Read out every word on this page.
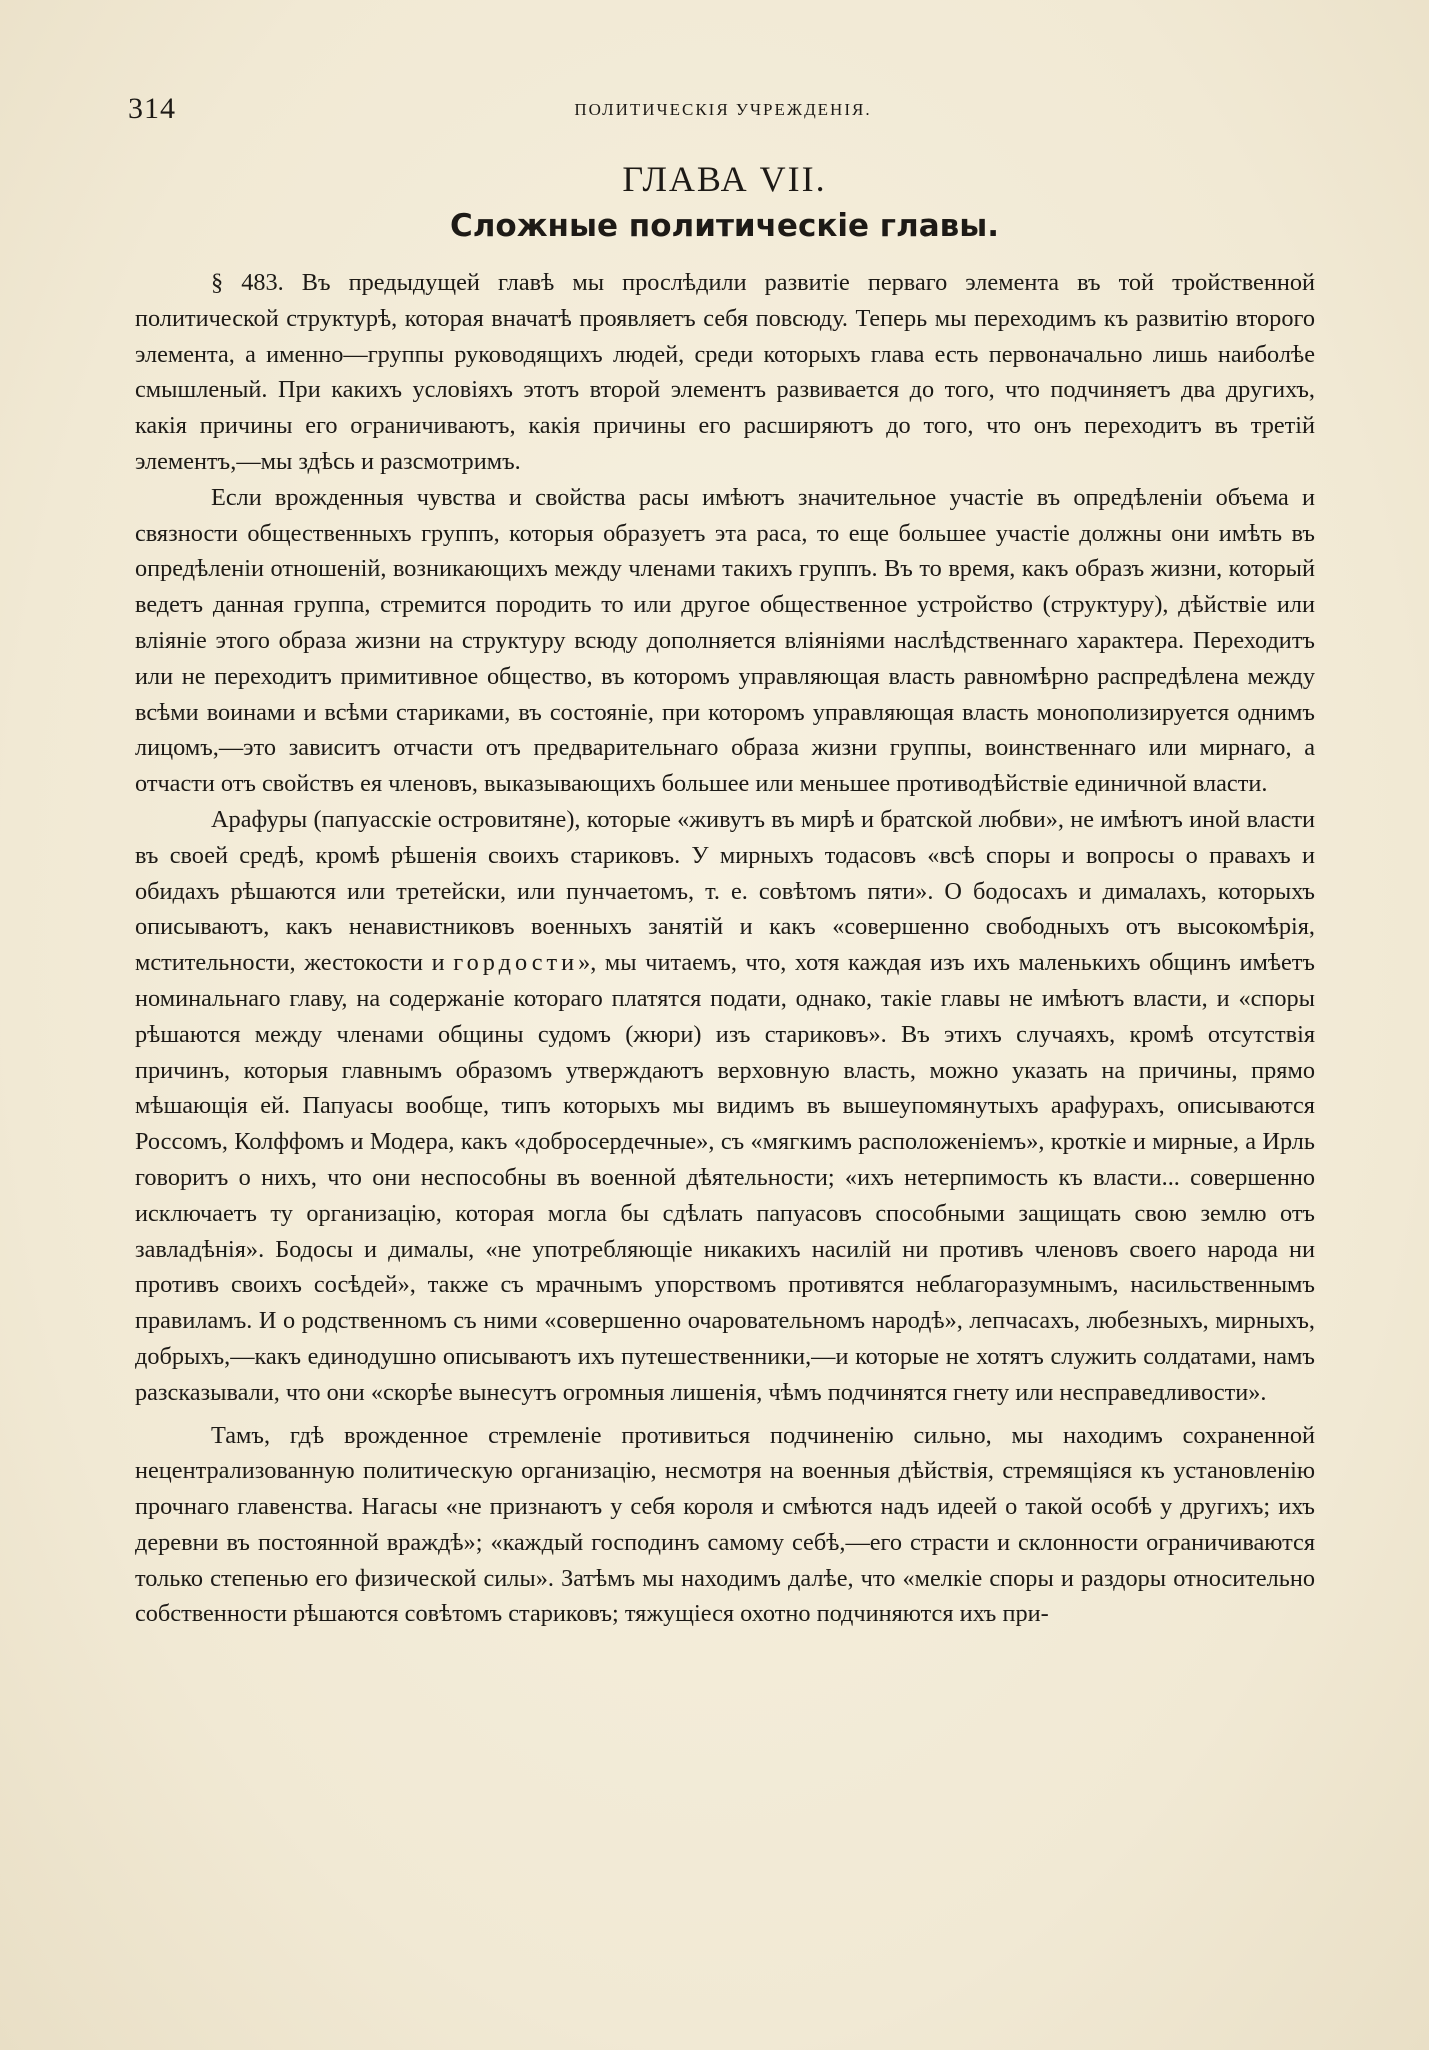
314	ПОЛИТИЧЕСКІЯ УЧРЕЖДЕНІЯ.
ГЛАВА VII.
Сложные политическіе главы.

§ 483. Въ предыдущей главѣ мы прослѣдили развитіе перваго элемента въ той тройственной политической структурѣ, которая вначатѣ проявляетъ себя повсюду. Теперь мы переходимъ къ развитію второго элемента, а именно—группы руководящихъ людей, среди которыхъ глава есть первоначально лишь наиболѣе смышленый. При какихъ условіяхъ этотъ второй элементъ развивается до того, что подчиняетъ два другихъ, какія причины его ограничиваютъ, какія причины его расширяютъ до того, что онъ переходитъ въ третій элементъ,—мы здѣсь и разсмотримъ.

Если врожденныя чувства и свойства расы имѣютъ значительное участіе въ опредѣленіи объема и связности общественныхъ группъ, которыя образуетъ эта раса, то еще большее участіе должны они имѣть въ опредѣленіи отношеній, возникающихъ между членами такихъ группъ. Въ то время, какъ образъ жизни, который ведетъ данная группа, стремится породить то или другое общественное устройство (структуру), дѣйствіе или вліяніе этого образа жизни на структуру всюду дополняется вліяніями наслѣдственнаго характера. Переходитъ или не переходитъ примитивное общество, въ которомъ управляющая власть равномѣрно распредѣлена между всѣми воинами и всѣми стариками, въ состояніе, при которомъ управляющая власть монополизируется однимъ лицомъ,—это зависитъ отчасти отъ предварительнаго образа жизни группы, воинственнаго или мирнаго, а отчасти отъ свойствъ ея членовъ, выказывающихъ большее или меньшее противодѣйствіе единичной власти.

Арафуры (папуасскіе островитяне), которые «живутъ въ мирѣ и братской любви», не имѣютъ иной власти въ своей средѣ, кромѣ рѣшенія своихъ стариковъ. У мирныхъ тодасовъ «всѣ споры и вопросы о правахъ и обидахъ рѣшаются или третейски, или пунчаетомъ, т. е. совѣтомъ пяти». О бодосахъ и дималахъ, которыхъ описываютъ, какъ ненавистниковъ военныхъ занятій и какъ «совершенно свободныхъ отъ высокомѣрія, мстительности, жестокости и гордости», мы читаемъ, что, хотя каждая изъ ихъ маленькихъ общинъ имѣетъ номинальнаго главу, на содержаніе котораго платятся подати, однако, такіе главы не имѣютъ власти, и «споры рѣшаются между членами общины судомъ (жюри) изъ стариковъ». Въ этихъ случаяхъ, кромѣ отсутствія причинъ, которыя главнымъ образомъ утверждаютъ верховную власть, можно указать на причины, прямо мѣшающія ей. Папуасы вообще, типъ которыхъ мы видимъ въ вышеупомянутыхъ арафурахъ, описываются Россомъ, Колффомъ и Модера, какъ «добросердечные», съ «мягкимъ расположеніемъ», кроткіе и мирные, а Ирль говоритъ о нихъ, что они неспособны въ военной дѣятельности; «ихъ нетерпимость къ власти... совершенно исключаетъ ту организацію, которая могла бы сдѣлать папуасовъ способными защищать свою землю отъ завладѣнія». Бодосы и дималы, «не употребляющіе никакихъ насилій ни противъ членовъ своего народа ни противъ своихъ сосѣдей», также съ мрачнымъ упорствомъ противятся неблагоразумнымъ, насильственнымъ правиламъ. И о родственномъ съ ними «совершенно очаровательномъ народѣ», лепчасахъ, любезныхъ, мирныхъ, добрыхъ,—какъ единодушно описываютъ ихъ путешественники,—и которые не хотятъ служить солдатами, намъ разсказывали, что они «скорѣе вынесутъ огромныя лишенія, чѣмъ подчинятся гнету или несправедливости».

Тамъ, гдѣ врожденное стремленіе противиться подчиненію сильно, мы находимъ сохраненной нецентрализованную политическую организацію, несмотря на военныя дѣйствія, стремящіяся къ установленію прочнаго главенства. Нагасы «не признаютъ у себя короля и смѣются надъ идеей о такой особѣ у другихъ; ихъ деревни въ постоянной враждѣ»; «каждый господинъ самому себѣ,—его страсти и склонности ограничиваются только степенью его физической силы». Затѣмъ мы находимъ далѣе, что «мелкіе споры и раздоры относительно собственности рѣшаются совѣтомъ стариковъ; тяжущіеся охотно подчиняются ихъ при-
